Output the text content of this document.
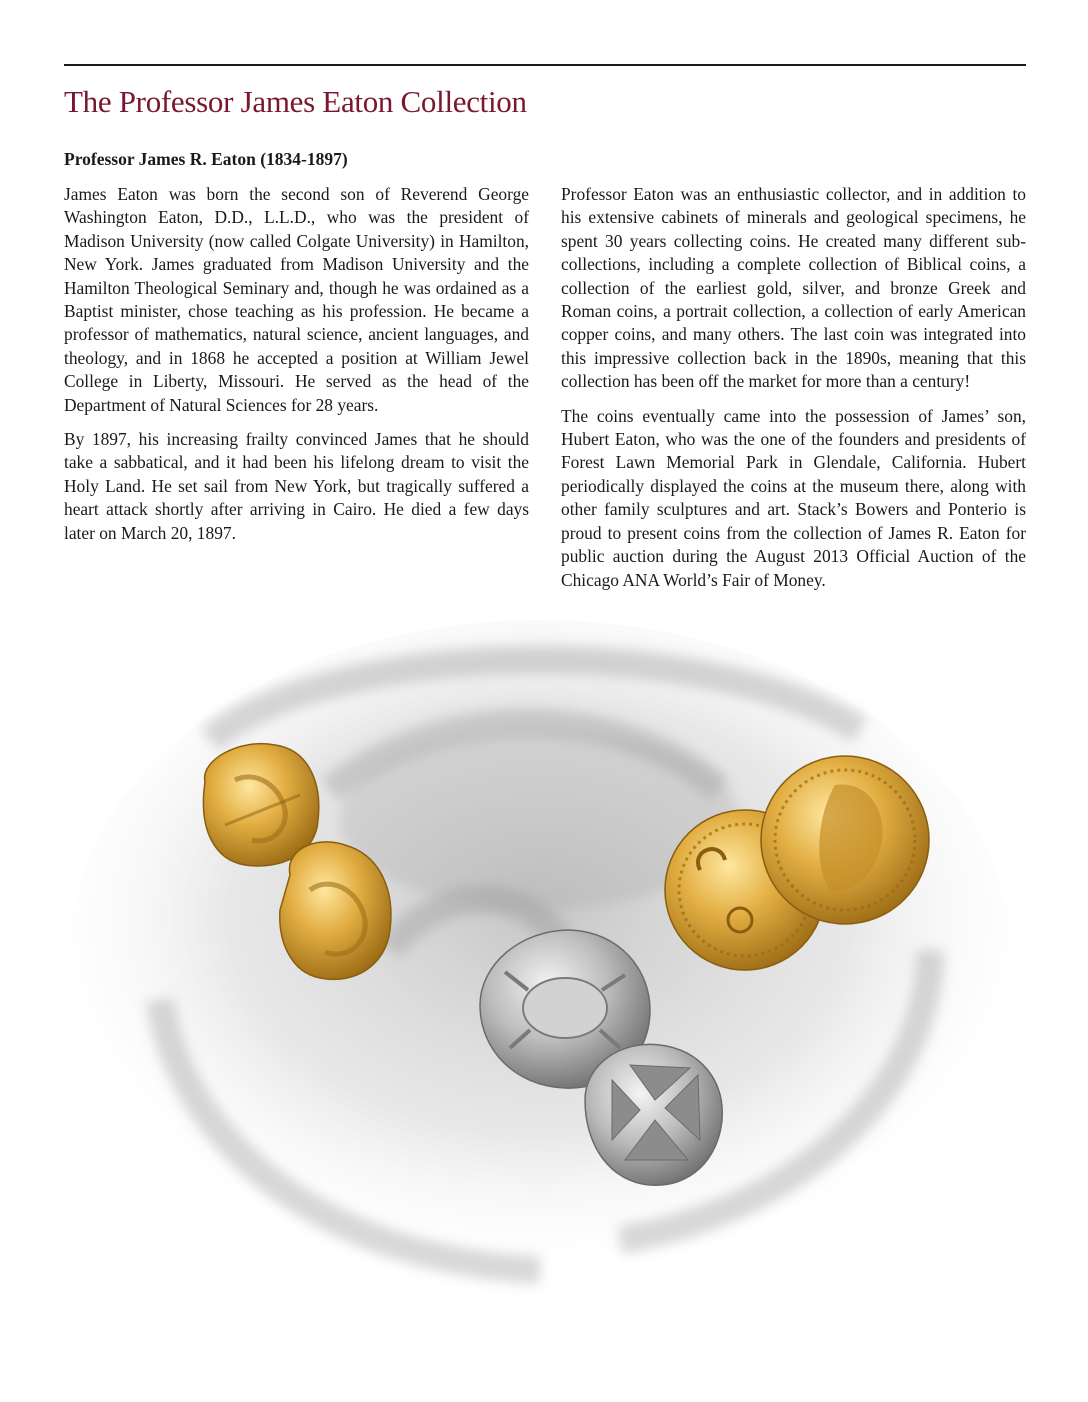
The Professor James Eaton Collection
Professor James R. Eaton (1834-1897)

James Eaton was born the second son of Reverend George Washington Eaton, D.D., L.L.D., who was the president of Madison University (now called Colgate University) in Hamilton, New York. James graduated from Madison University and the Hamilton Theological Seminary and, though he was ordained as a Baptist minister, chose teaching as his profession. He became a professor of mathematics, natural science, ancient languages, and theology, and in 1868 he accepted a position at William Jewel College in Liberty, Missouri. He served as the head of the Department of Natural Sciences for 28 years.

By 1897, his increasing frailty convinced James that he should take a sabbatical, and it had been his lifelong dream to visit the Holy Land. He set sail from New York, but tragically suffered a heart attack shortly after arriving in Cairo. He died a few days later on March 20, 1897.

Professor Eaton was an enthusiastic collector, and in addition to his extensive cabinets of minerals and geological specimens, he spent 30 years collecting coins. He created many different sub-collections, including a complete collection of Biblical coins, a collection of the earliest gold, silver, and bronze Greek and Roman coins, a portrait collection, a collection of early American copper coins, and many others. The last coin was integrated into this impressive collection back in the 1890s, meaning that this collection has been off the market for more than a century!

The coins eventually came into the possession of James’ son, Hubert Eaton, who was the one of the founders and presidents of Forest Lawn Memorial Park in Glendale, California. Hubert periodically displayed the coins at the museum there, along with other family sculptures and art. Stack’s Bowers and Ponterio is proud to present coins from the collection of James R. Eaton for public auction during the August 2013 Official Auction of the Chicago ANA World’s Fair of Money.
